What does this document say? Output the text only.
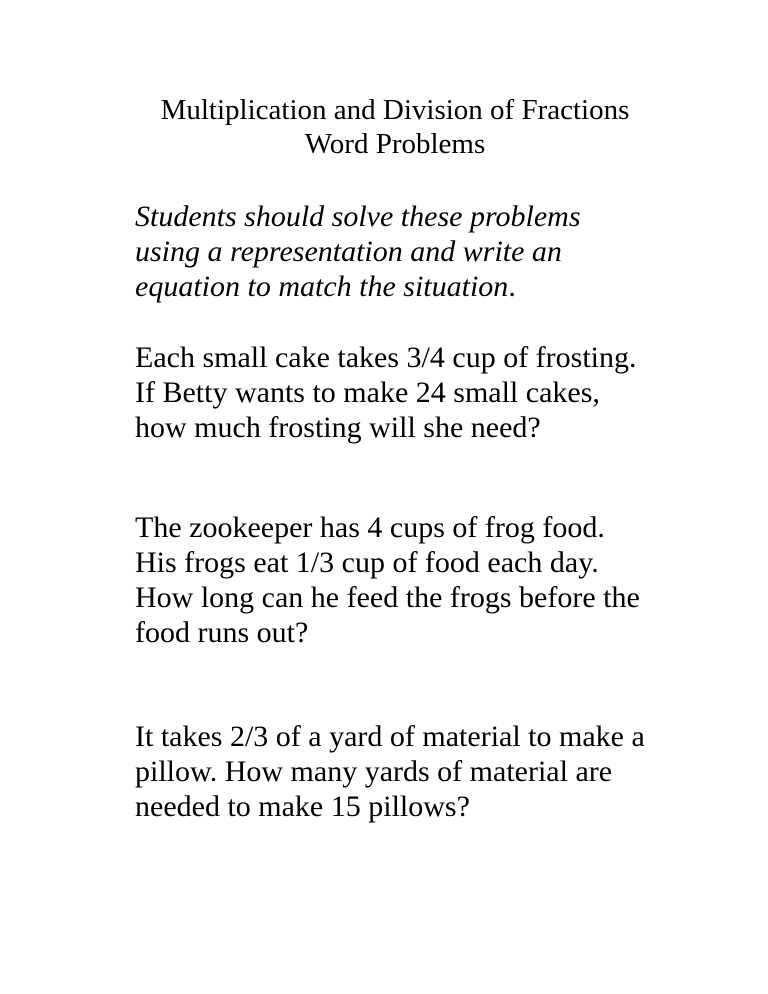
Multiplication and Division of Fractions
Word Problems
Students should solve these problems
using a representation and write an
equation to match the situation.
Each small cake takes 3/4 cup of frosting.
If Betty wants to make 24 small cakes,
how much frosting will she need?
The zookeeper has 4 cups of frog food.
His frogs eat 1/3 cup of food each day.
How long can he feed the frogs before the
food runs out?
It takes 2/3 of a yard of material to make a
pillow. How many yards of material are
needed to make 15 pillows?
